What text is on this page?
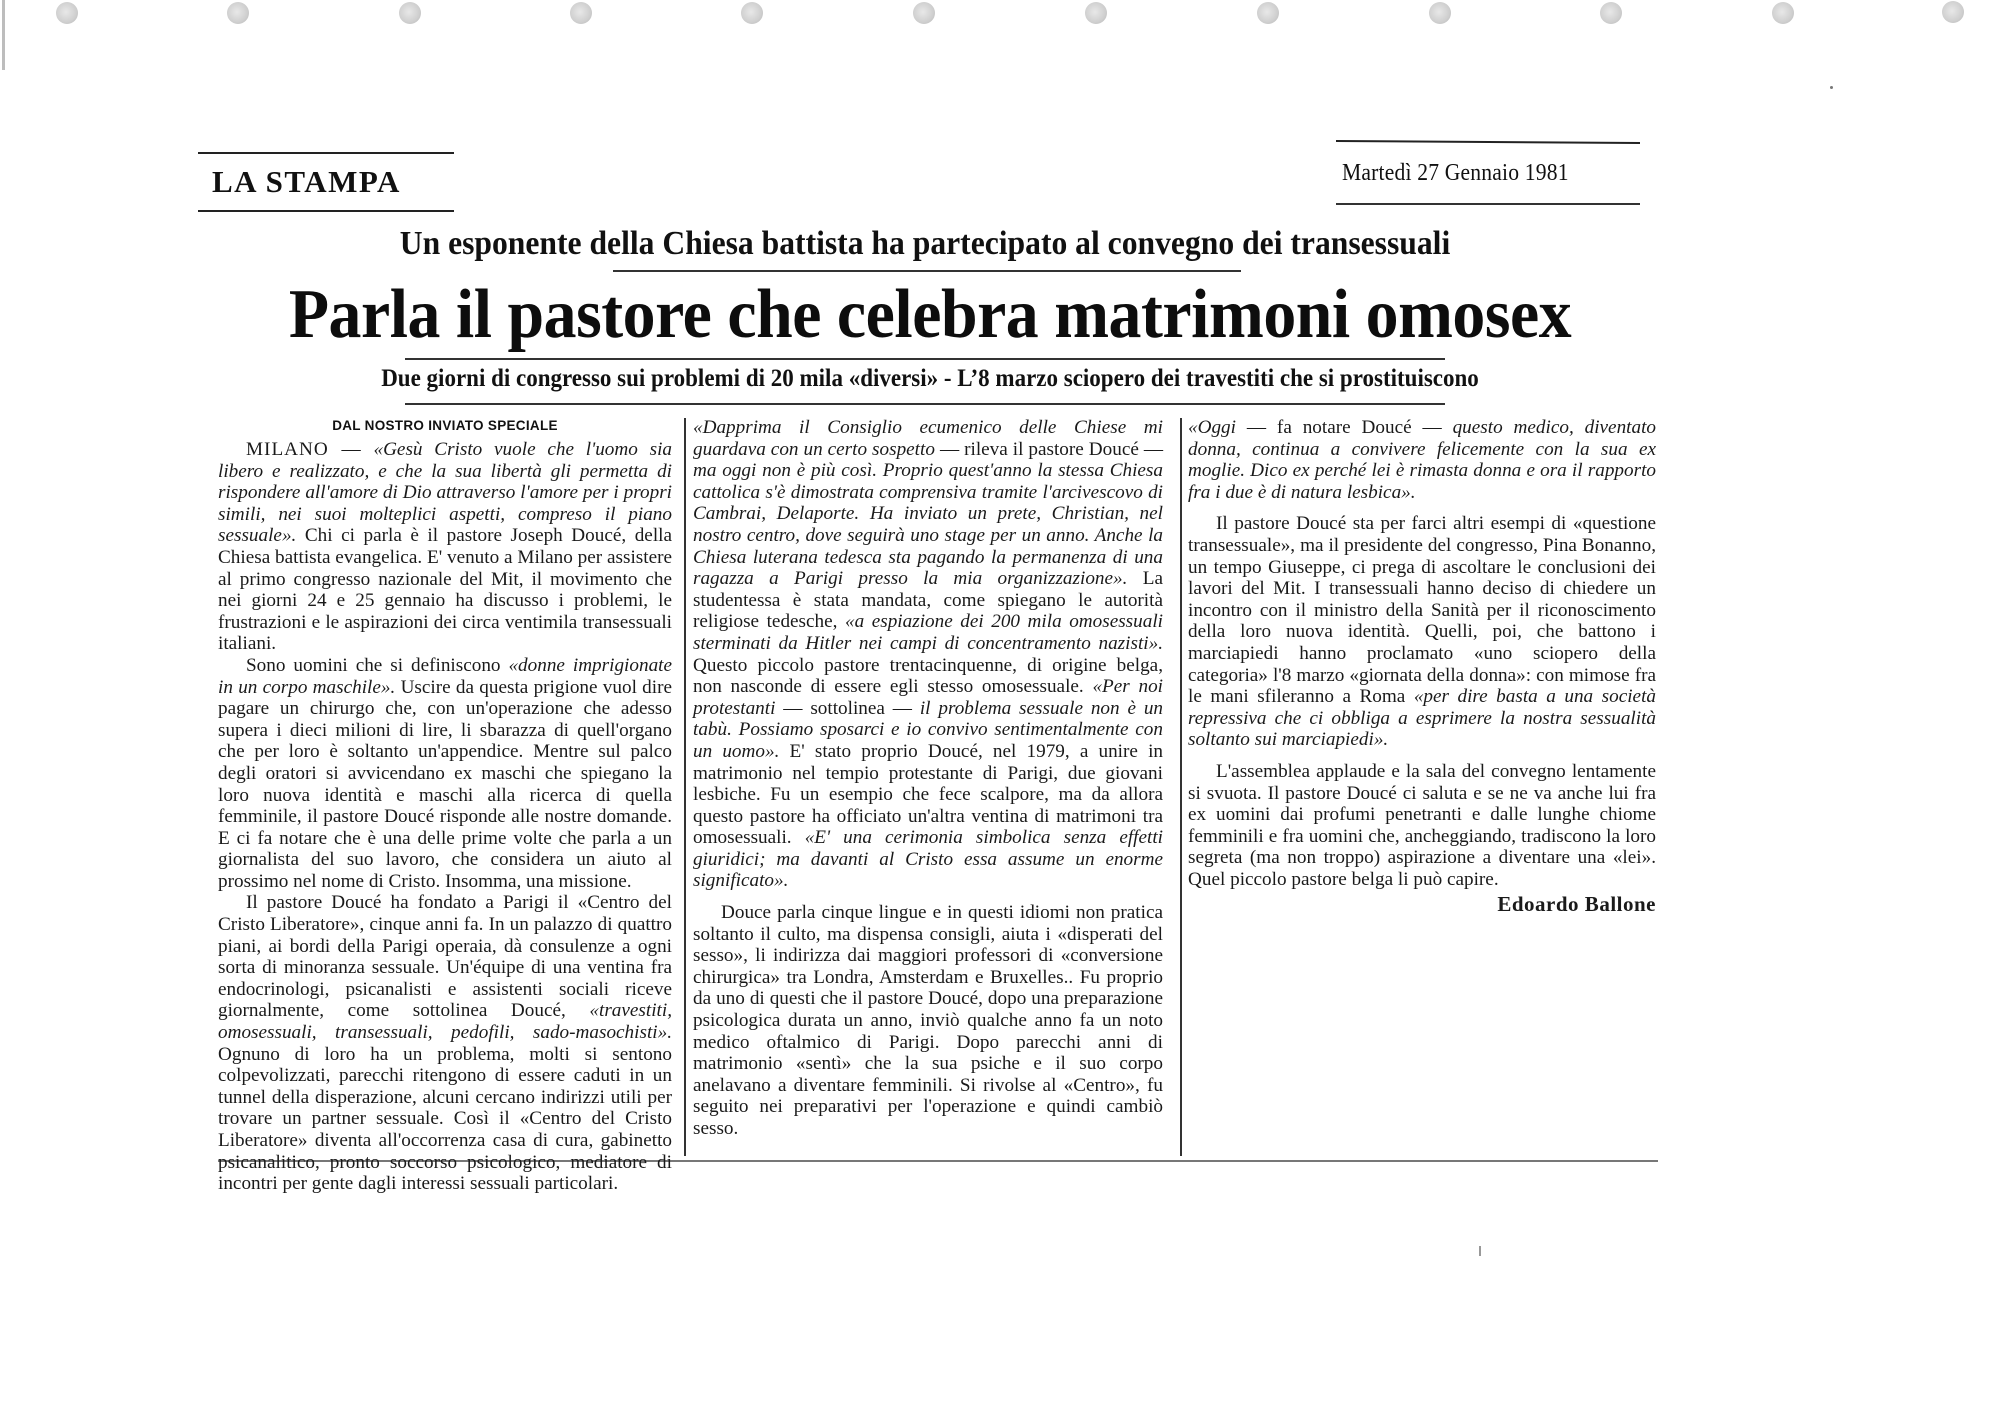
LA STAMPA	Martedì 27 Gennaio 1981
Un esponente della Chiesa battista ha partecipato al convegno dei transessuali
Parla il pastore che celebra matrimoni omosex
Due giorni di congresso sui problemi di 20 mila «diversi» - L’8 marzo sciopero dei travestiti che si prostituiscono
DAL NOSTRO INVIATO SPECIALE

MILANO — «Gesù Cristo vuole che l'uomo sia libero e realizzato, e che la sua libertà gli permetta di rispondere all'amore di Dio attraverso l'amore per i propri simili, nei suoi molteplici aspetti, compreso il piano sessuale». Chi ci parla è il pastore Joseph Doucé, della Chiesa battista evangelica. E' venuto a Milano per assistere al primo congresso nazionale del Mit, il movimento che nei giorni 24 e 25 gennaio ha discusso i problemi, le frustrazioni e le aspirazioni dei circa ventimila transessuali italiani.

Sono uomini che si definiscono «donne imprigionate in un corpo maschile». Uscire da questa prigione vuol dire pagare un chirurgo che, con un'operazione che adesso supera i dieci milioni di lire, li sbarazza di quell'organo che per loro è soltanto un'appendice. Mentre sul palco degli oratori si avvicendano ex maschi che spiegano la loro nuova identità e maschi alla ricerca di quella femminile, il pastore Doucé risponde alle nostre domande. E ci fa notare che è una delle prime volte che parla a un giornalista del suo lavoro, che considera un aiuto al prossimo nel nome di Cristo. Insomma, una missione.

Il pastore Doucé ha fondato a Parigi il «Centro del Cristo Liberatore», cinque anni fa. In un palazzo di quattro piani, ai bordi della Parigi operaia, dà consulenze a ogni sorta di minoranza sessuale. Un'équipe di una ventina fra endocrinologi, psicanalisti e assistenti sociali riceve giornalmente, come sottolinea Doucé, «travestiti, omosessuali, transessuali, pedofili, sado-masochisti». Ognuno di loro ha un problema, molti si sentono colpevolizzati, parecchi ritengono di essere caduti in un tunnel della disperazione, alcuni cercano indirizzi utili per trovare un partner sessuale. Così il «Centro del Cristo Liberatore» diventa all'occorrenza casa di cura, gabinetto psicanalitico, pronto soccorso psicologico, mediatore di incontri per gente dagli interessi sessuali particolari.

«Dapprima il Consiglio ecumenico delle Chiese mi guardava con un certo sospetto — rileva il pastore Doucé — ma oggi non è più così. Proprio quest'anno la stessa Chiesa cattolica s'è dimostrata comprensiva tramite l'arcivescovo di Cambrai, Delaporte. Ha inviato un prete, Christian, nel nostro centro, dove seguirà uno stage per un anno. Anche la Chiesa luterana tedesca sta pagando la permanenza di una ragazza a Parigi presso la mia organizzazione». La studentessa è stata mandata, come spiegano le autorità religiose tedesche, «a espiazione dei 200 mila omosessuali sterminati da Hitler nei campi di concentramento nazisti». Questo piccolo pastore trentacinquenne, di origine belga, non nasconde di essere egli stesso omosessuale. «Per noi protestanti — sottolinea — il problema sessuale non è un tabù. Possiamo sposarci e io convivo sentimentalmente con un uomo». E' stato proprio Doucé, nel 1979, a unire in matrimonio nel tempio protestante di Parigi, due giovani lesbiche. Fu un esempio che fece scalpore, ma da allora questo pastore ha officiato un'altra ventina di matrimoni tra omosessuali. «E' una cerimonia simbolica senza effetti giuridici; ma davanti al Cristo essa assume un enorme significato».

Douce parla cinque lingue e in questi idiomi non pratica soltanto il culto, ma dispensa consigli, aiuta i «disperati del sesso», li indirizza dai maggiori professori di «conversione chirurgica» tra Londra, Amsterdam e Bruxelles.. Fu proprio da uno di questi che il pastore Doucé, dopo una preparazione psicologica durata un anno, inviò qualche anno fa un noto medico oftalmico di Parigi. Dopo parecchi anni di matrimonio «sentì» che la sua psiche e il suo corpo anelavano a diventare femminili. Si rivolse al «Centro», fu seguito nei preparativi per l'operazione e quindi cambiò sesso.

«Oggi — fa notare Doucé — questo medico, diventato donna, continua a convivere felicemente con la sua ex moglie. Dico ex perché lei è rimasta donna e ora il rapporto fra i due è di natura lesbica».

Il pastore Doucé sta per farci altri esempi di «questione transessuale», ma il presidente del congresso, Pina Bonanno, un tempo Giuseppe, ci prega di ascoltare le conclusioni dei lavori del Mit. I transessuali hanno deciso di chiedere un incontro con il ministro della Sanità per il riconoscimento della loro nuova identità. Quelli, poi, che battono i marciapiedi hanno proclamato «uno sciopero della categoria» l'8 marzo «giornata della donna»: con mimose fra le mani sfileranno a Roma «per dire basta a una società repressiva che ci obbliga a esprimere la nostra sessualità soltanto sui marciapiedi».

L'assemblea applaude e la sala del convegno lentamente si svuota. Il pastore Doucé ci saluta e se ne va anche lui fra ex uomini dai profumi penetranti e dalle lunghe chiome femminili e fra uomini che, ancheggiando, tradiscono la loro segreta (ma non troppo) aspirazione a diventare una «lei». Quel piccolo pastore belga li può capire.

Edoardo Ballone
